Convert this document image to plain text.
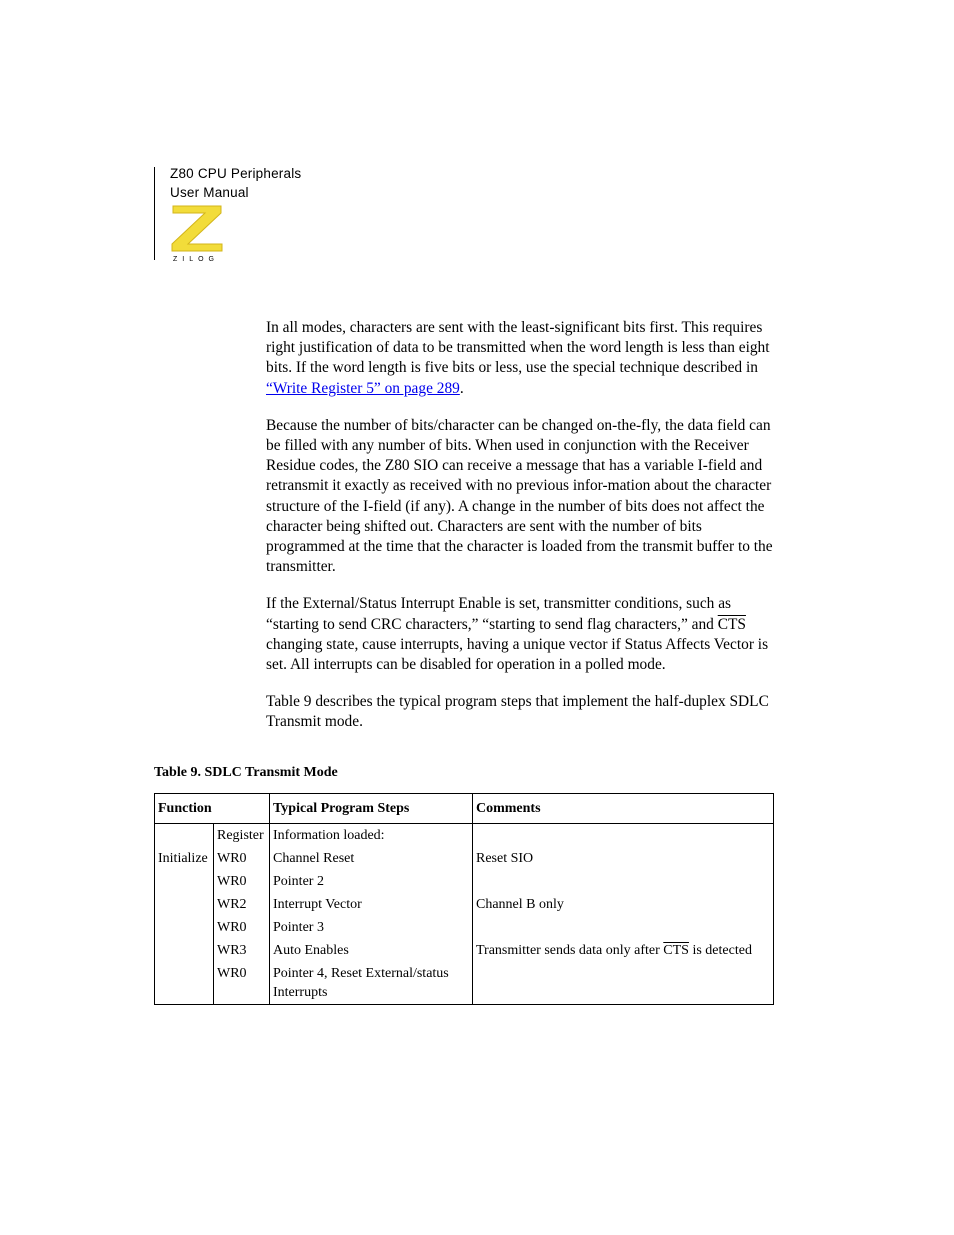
Z80 CPU Peripherals
User Manual
ZILOG

In all modes, characters are sent with the least-significant bits first. This requires right justification of data to be transmitted when the word length is less than eight bits. If the word length is five bits or less, use the special technique described in “Write Register 5” on page 289.

Because the number of bits/character can be changed on-the-fly, the data field can be filled with any number of bits. When used in conjunction with the Receiver Residue codes, the Z80 SIO can receive a message that has a variable I-field and retransmit it exactly as received with no previous infor-mation about the character structure of the I-field (if any). A change in the number of bits does not affect the character being shifted out. Characters are sent with the number of bits programmed at the time that the character is loaded from the transmit buffer to the transmitter.

If the External/Status Interrupt Enable is set, transmitter conditions, such as “starting to send CRC characters,” “starting to send flag characters,” and $\overline{CTS}$ changing state, cause interrupts, having a unique vector if Status Affects Vector is set. All interrupts can be disabled for operation in a polled mode.

Table 9 describes the typical program steps that implement the half-duplex SDLC Transmit mode.

Table 9. SDLC Transmit Mode
Function		Typical Program Steps	Comments
	Register	Information loaded:	
Initialize	WR0	Channel Reset	Reset SIO
	WR0	Pointer 2	
	WR2	Interrupt Vector	Channel B only
	WR0	Pointer 3	
	WR3	Auto Enables	Transmitter sends data only after $\overline{CTS}$ is detected
	WR0	Pointer 4, Reset External/status Interrupts	
